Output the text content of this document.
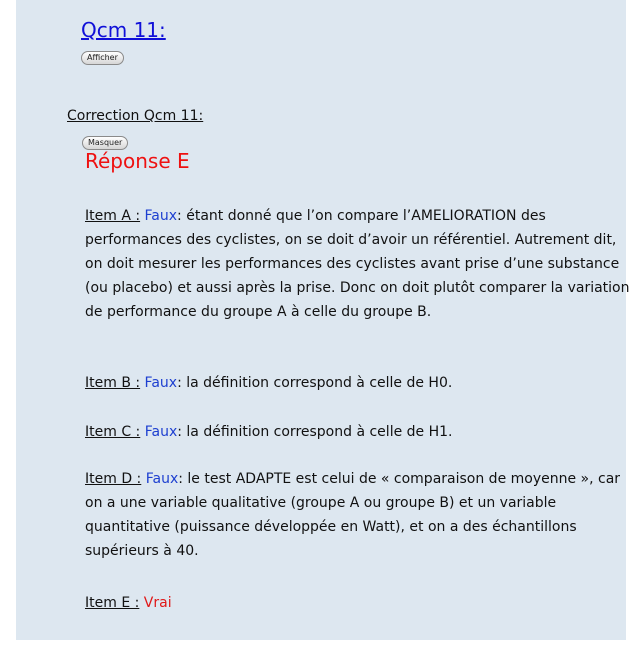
Qcm 11:
Afficher
Correction Qcm 11:
Masquer
Réponse E
Item A : Faux: étant donné que l’on compare l’AMELIORATION des performances des cyclistes, on se doit d’avoir un référentiel. Autrement dit, on doit mesurer les performances des cyclistes avant prise d’une substance (ou placebo) et aussi après la prise. Donc on doit plutôt comparer la variation de performance du groupe A à celle du groupe B.
Item B : Faux: la définition correspond à celle de H0.
Item C : Faux: la définition correspond à celle de H1.
Item D : Faux: le test ADAPTE est celui de « comparaison de moyenne », car on a une variable qualitative (groupe A ou groupe B) et un variable quantitative (puissance développée en Watt), et on a des échantillons supérieurs à 40.
Item E : Vrai
